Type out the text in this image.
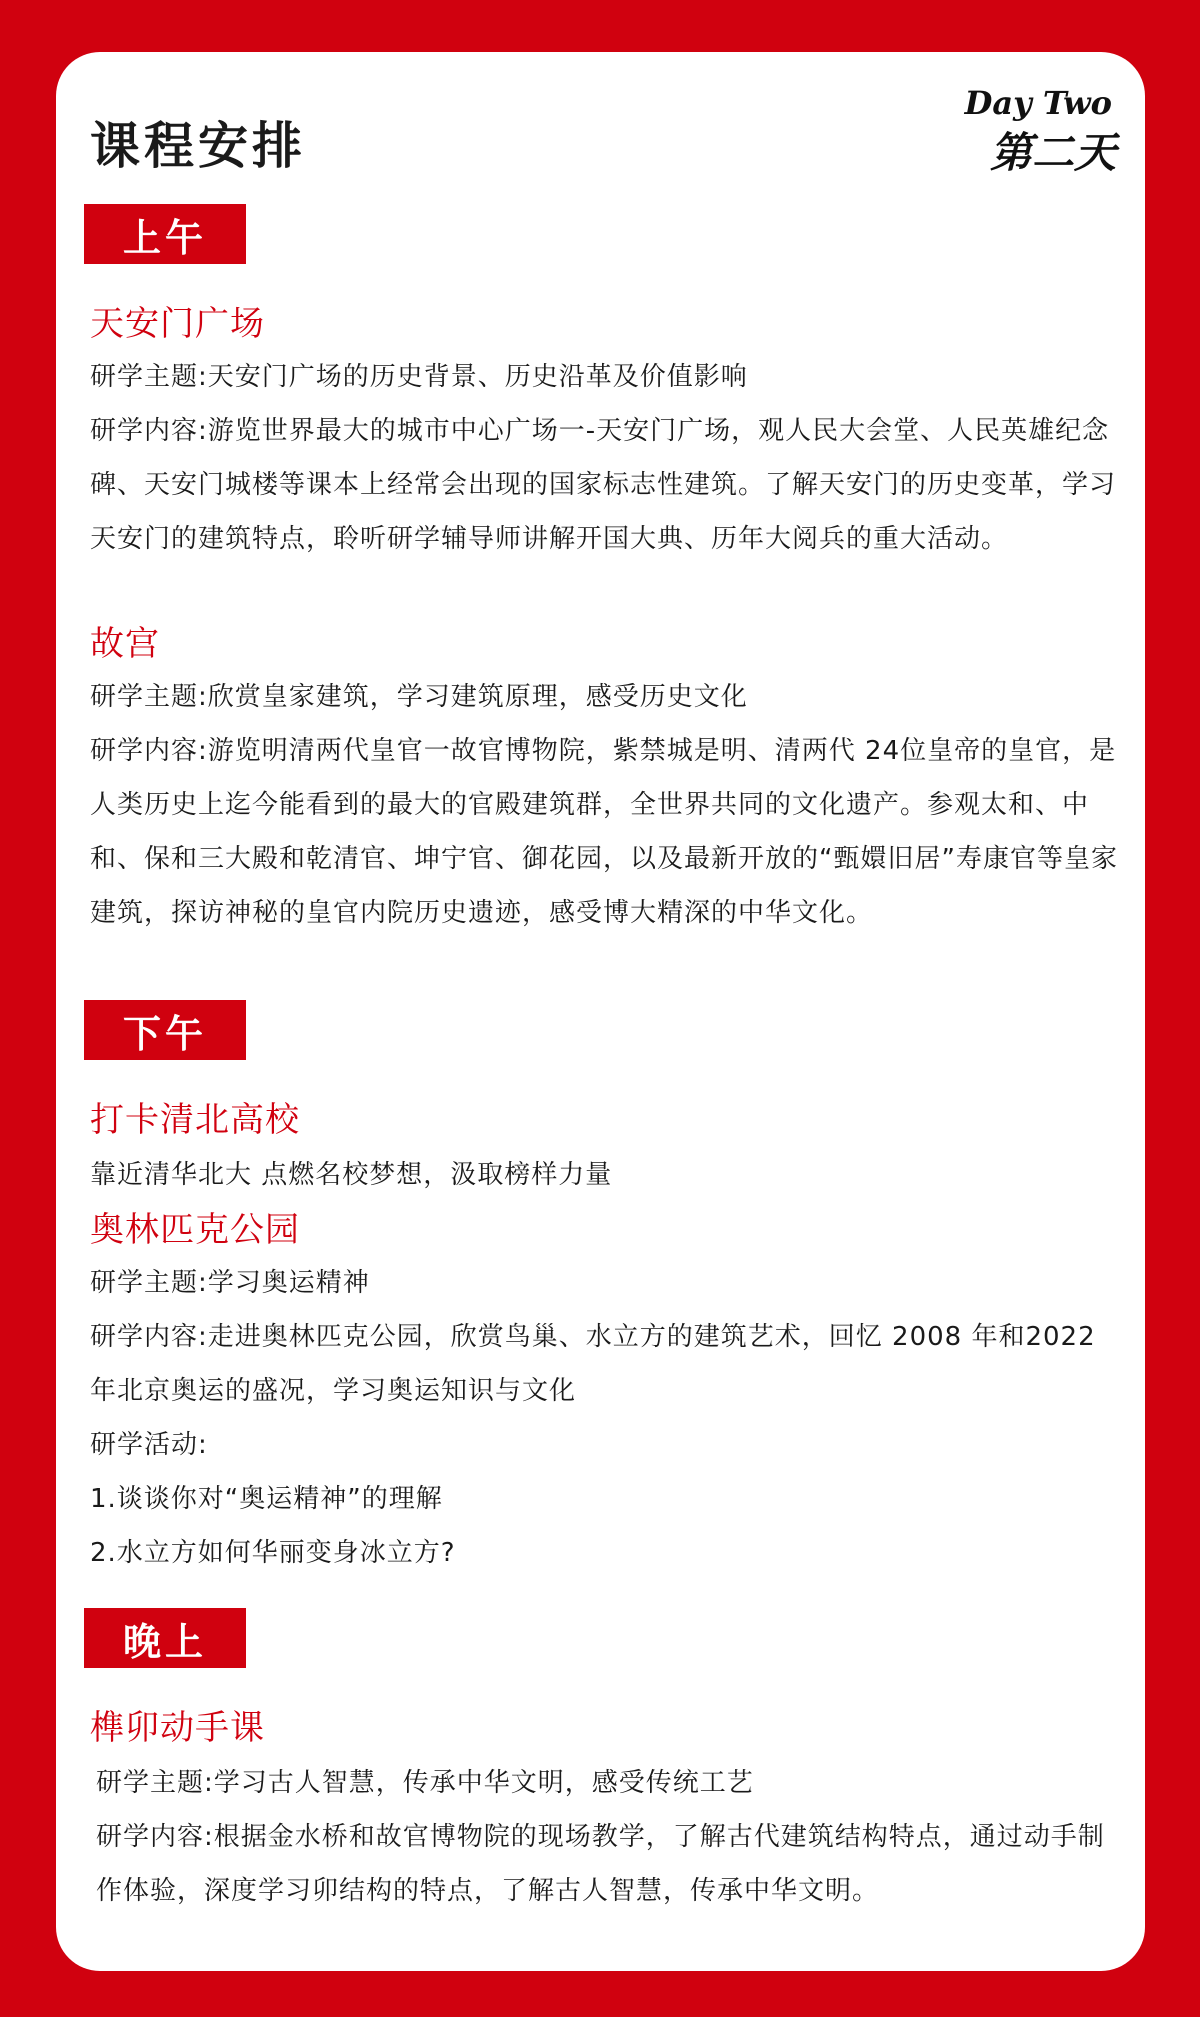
课程安排
Day Two
第二天
上午
天安门广场
研学主题:天安门广场的历史背景、历史沿革及价值影响
研学内容:游览世界最大的城市中心广场一-天安门广场，观人民大会堂、人民英雄纪念碑、天安门城楼等课本上经常会出现的国家标志性建筑。了解天安门的历史变革，学习天安门的建筑特点，聆听研学辅导师讲解开国大典、历年大阅兵的重大活动。
故宫
研学主题:欣赏皇家建筑，学习建筑原理，感受历史文化
研学内容:游览明清两代皇官一故官博物院，紫禁城是明、清两代 24位皇帝的皇官，是人类历史上迄今能看到的最大的官殿建筑群，全世界共同的文化遗产。参观太和、中和、保和三大殿和乾清官、坤宁官、御花园，以及最新开放的“甄嬛旧居”寿康官等皇家建筑，探访神秘的皇官内院历史遗迹，感受博大精深的中华文化。
下午
打卡清北高校
靠近清华北大 点燃名校梦想，汲取榜样力量
奥林匹克公园
研学主题:学习奥运精神
研学内容:走进奥林匹克公园，欣赏鸟巢、水立方的建筑艺术，回忆 2008 年和2022 年北京奥运的盛况，学习奥运知识与文化
研学活动:
1.谈谈你对“奥运精神”的理解
2.水立方如何华丽变身冰立方?
晚上
榫卯动手课
研学主题:学习古人智慧，传承中华文明，感受传统工艺
研学内容:根据金水桥和故官博物院的现场教学，了解古代建筑结构特点，通过动手制作体验，深度学习卯结构的特点，了解古人智慧，传承中华文明。
